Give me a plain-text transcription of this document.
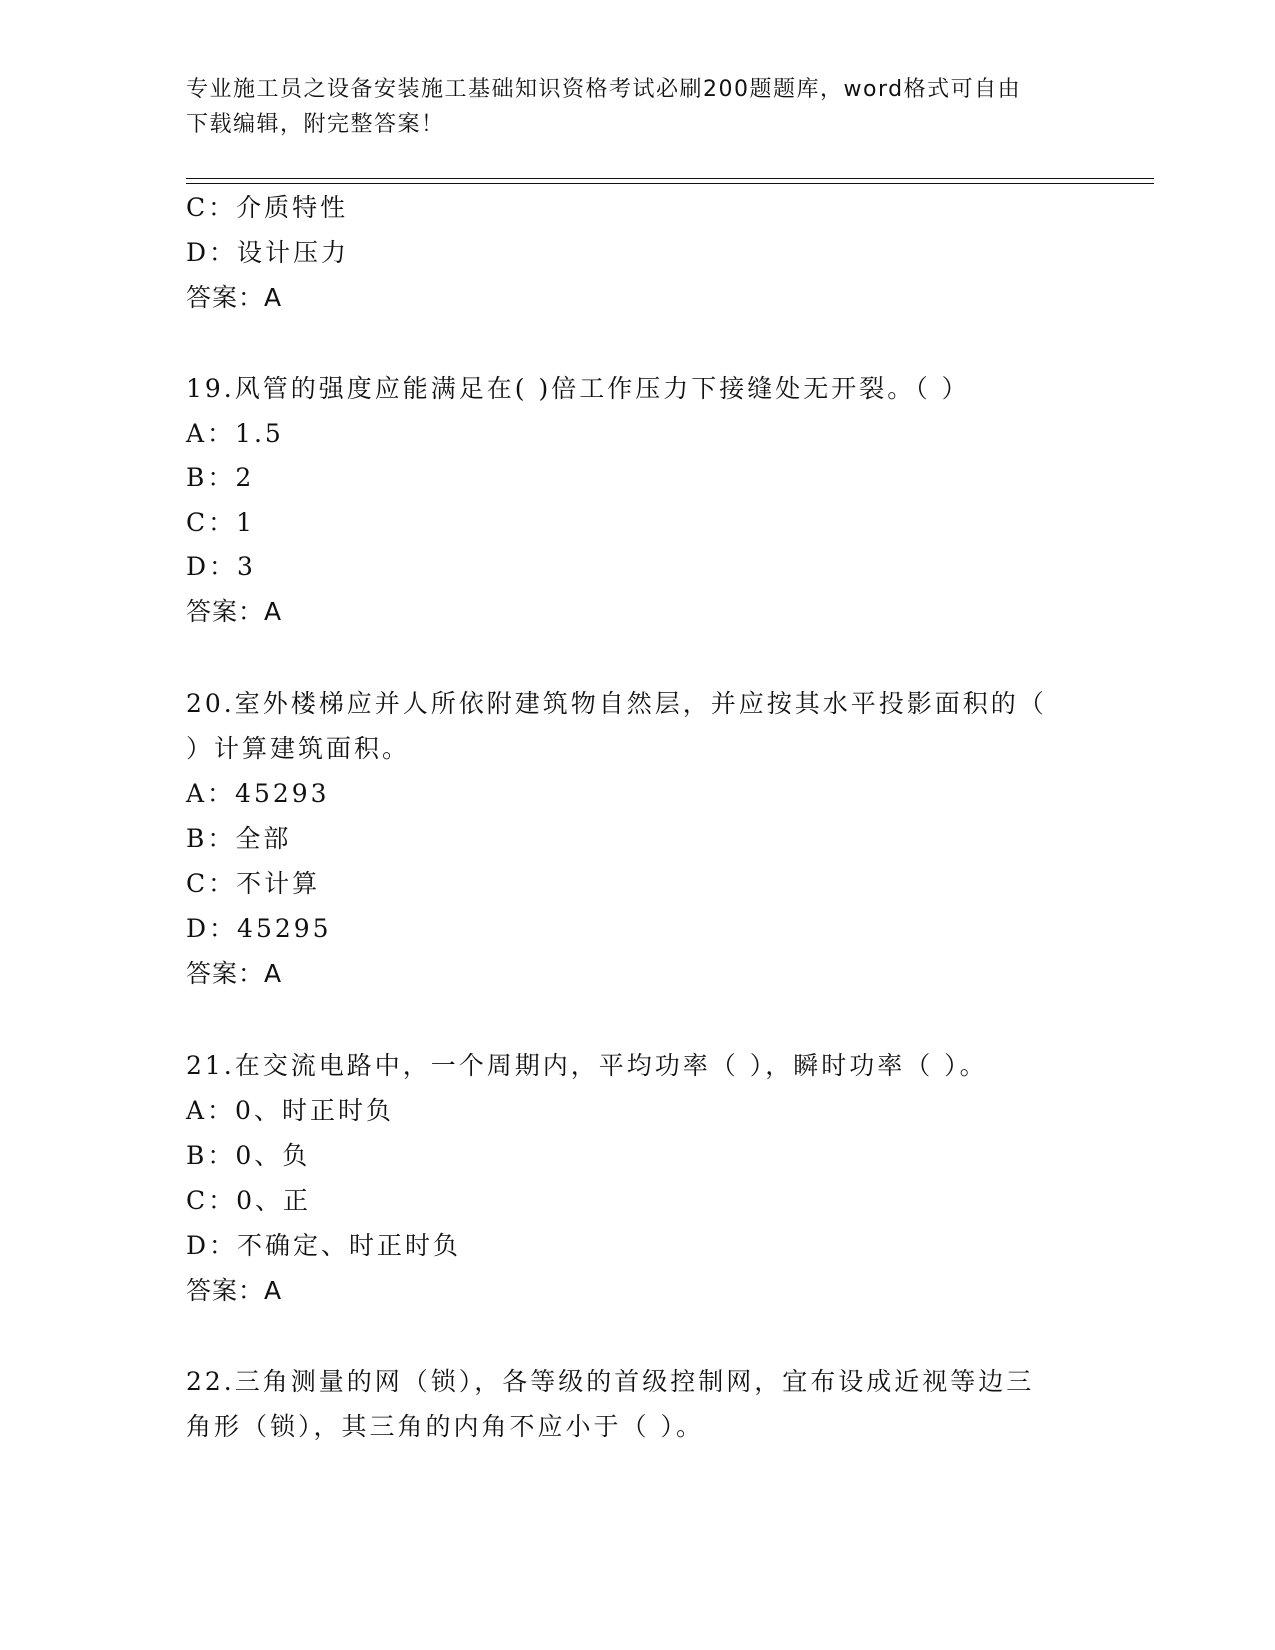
专业施工员之设备安装施工基础知识资格考试必刷200题题库，word格式可自由
下载编辑，附完整答案！
C：介质特性
D：设计压力
答案：A
19.风管的强度应能满足在( )倍工作压力下接缝处无开裂。（ ）
A：1.5
B：2
C：1
D：3
答案：A
20.室外楼梯应并人所依附建筑物自然层，并应按其水平投影面积的（
）计算建筑面积。
A：45293
B：全部
C：不计算
D：45295
答案：A
21.在交流电路中，一个周期内，平均功率（ ），瞬时功率（ ）。
A：0、时正时负
B：0、负
C：0、正
D：不确定、时正时负
答案：A
22.三角测量的网（锁），各等级的首级控制网，宜布设成近视等边三
角形（锁），其三角的内角不应小于（ ）。
